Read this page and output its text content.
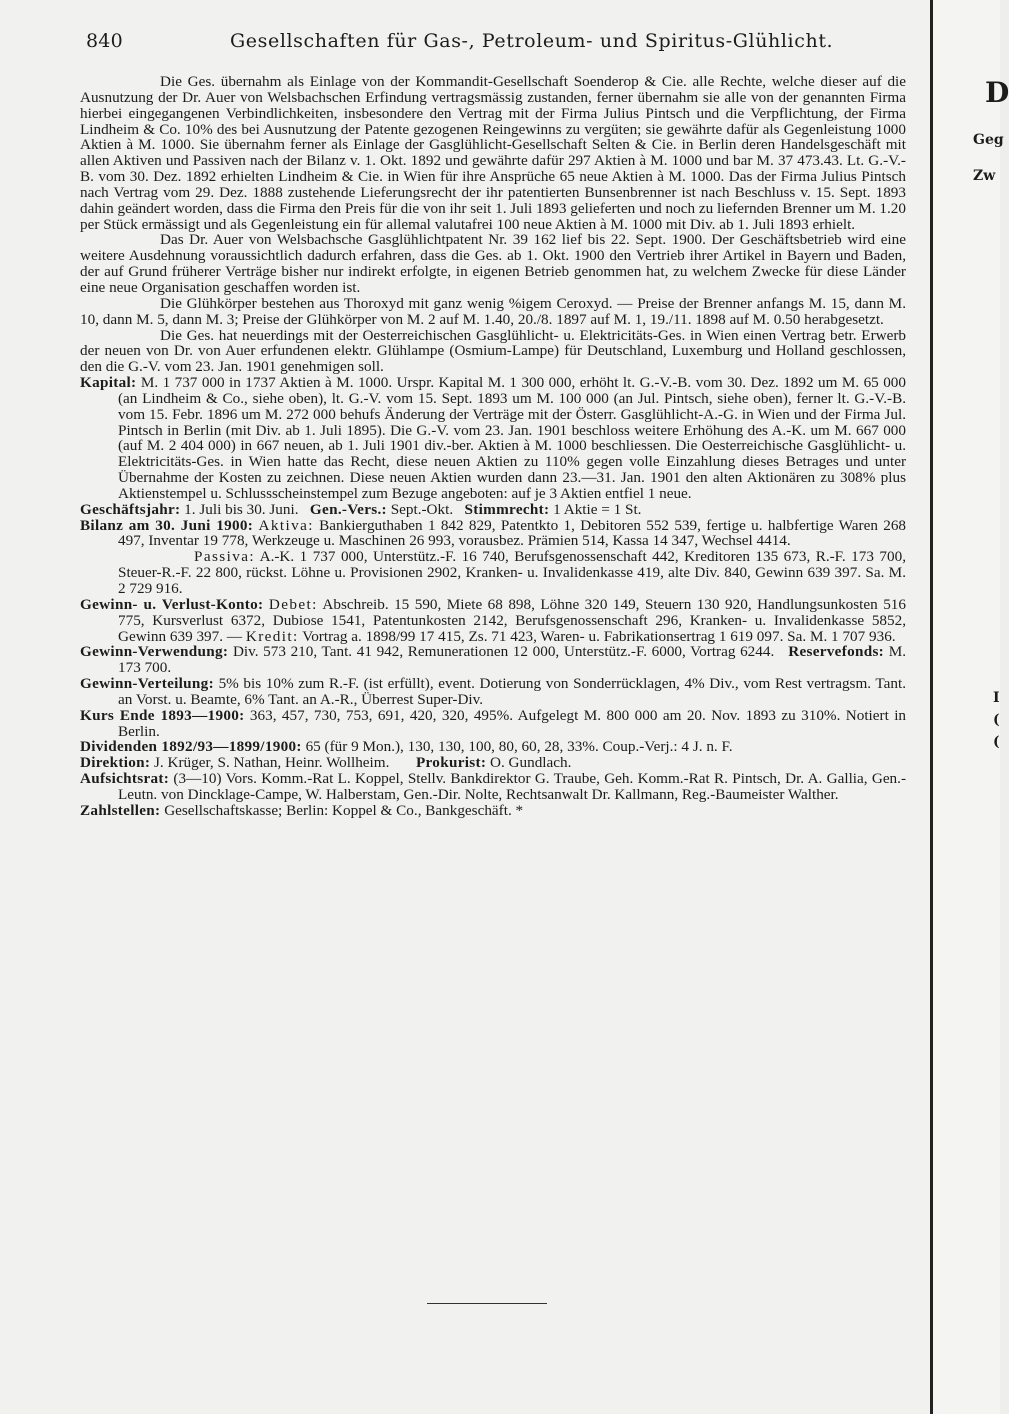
840	Gesellschaften für Gas-, Petroleum- und Spiritus-Glühlicht.

Die Ges. übernahm als Einlage von der Kommandit-Gesellschaft Soenderop & Cie. alle Rechte, welche dieser auf die Ausnutzung der Dr. Auer von Welsbachschen Erfindung vertragsmässig zustanden, ferner übernahm sie alle von der genannten Firma hierbei eingegangenen Verbindlichkeiten, insbesondere den Vertrag mit der Firma Julius Pintsch und die Verpflichtung, der Firma Lindheim & Co. 10% des bei Ausnutzung der Patente gezogenen Reingewinns zu vergüten; sie gewährte dafür als Gegenleistung 1000 Aktien à M. 1000. Sie übernahm ferner als Einlage der Gasglühlicht-Gesellschaft Selten & Cie. in Berlin deren Handelsgeschäft mit allen Aktiven und Passiven nach der Bilanz v. 1. Okt. 1892 und gewährte dafür 297 Aktien à M. 1000 und bar M. 37 473.43. Lt. G.-V.-B. vom 30. Dez. 1892 erhielten Lindheim & Cie. in Wien für ihre Ansprüche 65 neue Aktien à M. 1000. Das der Firma Julius Pintsch nach Vertrag vom 29. Dez. 1888 zustehende Lieferungsrecht der ihr patentierten Bunsenbrenner ist nach Beschluss v. 15. Sept. 1893 dahin geändert worden, dass die Firma den Preis für die von ihr seit 1. Juli 1893 gelieferten und noch zu liefernden Brenner um M. 1.20 per Stück ermässigt und als Gegenleistung ein für allemal valutafrei 100 neue Aktien à M. 1000 mit Div. ab 1. Juli 1893 erhielt.

Das Dr. Auer von Welsbachsche Gasglühlichtpatent Nr. 39 162 lief bis 22. Sept. 1900. Der Geschäftsbetrieb wird eine weitere Ausdehnung voraussichtlich dadurch erfahren, dass die Ges. ab 1. Okt. 1900 den Vertrieb ihrer Artikel in Bayern und Baden, der auf Grund früherer Verträge bisher nur indirekt erfolgte, in eigenen Betrieb genommen hat, zu welchem Zwecke für diese Länder eine neue Organisation geschaffen worden ist.

Die Glühkörper bestehen aus Thoroxyd mit ganz wenig %igem Ceroxyd. — Preise der Brenner anfangs M. 15, dann M. 10, dann M. 5, dann M. 3; Preise der Glühkörper von M. 2 auf M. 1.40, 20./8. 1897 auf M. 1, 19./11. 1898 auf M. 0.50 herabgesetzt.

Die Ges. hat neuerdings mit der Oesterreichischen Gasglühlicht- u. Elektricitäts-Ges. in Wien einen Vertrag betr. Erwerb der neuen von Dr. von Auer erfundenen elektr. Glühlampe (Osmium-Lampe) für Deutschland, Luxemburg und Holland geschlossen, den die G.-V. vom 23. Jan. 1901 genehmigen soll.

Kapital: M. 1 737 000 in 1737 Aktien à M. 1000. Urspr. Kapital M. 1 300 000, erhöht lt. G.-V.-B. vom 30. Dez. 1892 um M. 65 000 (an Lindheim & Co., siehe oben), lt. G.-V. vom 15. Sept. 1893 um M. 100 000 (an Jul. Pintsch, siehe oben), ferner lt. G.-V.-B. vom 15. Febr. 1896 um M. 272 000 behufs Änderung der Verträge mit der Österr. Gasglühlicht-A.-G. in Wien und der Firma Jul. Pintsch in Berlin (mit Div. ab 1. Juli 1895). Die G.-V. vom 23. Jan. 1901 beschloss weitere Erhöhung des A.-K. um M. 667 000 (auf M. 2 404 000) in 667 neuen, ab 1. Juli 1901 div.-ber. Aktien à M. 1000 beschliessen. Die Oesterreichische Gasglühlicht- u. Elektricitäts-Ges. in Wien hatte das Recht, diese neuen Aktien zu 110% gegen volle Einzahlung dieses Betrages und unter Übernahme der Kosten zu zeichnen. Diese neuen Aktien wurden dann 23.—31. Jan. 1901 den alten Aktionären zu 308% plus Aktienstempel u. Schlussscheinstempel zum Bezuge angeboten: auf je 3 Aktien entfiel 1 neue.

Geschäftsjahr: 1. Juli bis 30. Juni. Gen.-Vers.: Sept.-Okt. Stimmrecht: 1 Aktie = 1 St.

Bilanz am 30. Juni 1900: Aktiva: Bankierguthaben 1 842 829, Patentkto 1, Debitoren 552 539, fertige u. halbfertige Waren 268 497, Inventar 19 778, Werkzeuge u. Maschinen 26 993, vorausbez. Prämien 514, Kassa 14 347, Wechsel 4414.

Passiva: A.-K. 1 737 000, Unterstütz.-F. 16 740, Berufsgenossenschaft 442, Kreditoren 135 673, R.-F. 173 700, Steuer-R.-F. 22 800, rückst. Löhne u. Provisionen 2902, Kranken- u. Invalidenkasse 419, alte Div. 840, Gewinn 639 397. Sa. M. 2 729 916.

Gewinn- u. Verlust-Konto: Debet: Abschreib. 15 590, Miete 68 898, Löhne 320 149, Steuern 130 920, Handlungsunkosten 516 775, Kursverlust 6372, Dubiose 1541, Patentunkosten 2142, Berufsgenossenschaft 296, Kranken- u. Invalidenkasse 5852, Gewinn 639 397. — Kredit: Vortrag a. 1898/99 17 415, Zs. 71 423, Waren- u. Fabrikationsertrag 1 619 097. Sa. M. 1 707 936.

Gewinn-Verwendung: Div. 573 210, Tant. 41 942, Remunerationen 12 000, Unterstütz.-F. 6000, Vortrag 6244. Reservefonds: M. 173 700.

Gewinn-Verteilung: 5% bis 10% zum R.-F. (ist erfüllt), event. Dotierung von Sonderrücklagen, 4% Div., vom Rest vertragsm. Tant. an Vorst. u. Beamte, 6% Tant. an A.-R., Überrest Super-Div.

Kurs Ende 1893—1900: 363, 457, 730, 753, 691, 420, 320, 495%. Aufgelegt M. 800 000 am 20. Nov. 1893 zu 310%. Notiert in Berlin.

Dividenden 1892/93—1899/1900: 65 (für 9 Mon.), 130, 130, 100, 80, 60, 28, 33%. Coup.-Verj.: 4 J. n. F.

Direktion: J. Krüger, S. Nathan, Heinr. Wollheim. Prokurist: O. Gundlach.

Aufsichtsrat: (3—10) Vors. Komm.-Rat L. Koppel, Stellv. Bankdirektor G. Traube, Geh. Komm.-Rat R. Pintsch, Dr. A. Gallia, Gen.-Leutn. von Dincklage-Campe, W. Halberstam, Gen.-Dir. Nolte, Rechtsanwalt Dr. Kallmann, Reg.-Baumeister Walther.

Zahlstellen: Gesellschaftskasse; Berlin: Koppel & Co., Bankgeschäft. *

D
Geg
Zw
I
(
(
